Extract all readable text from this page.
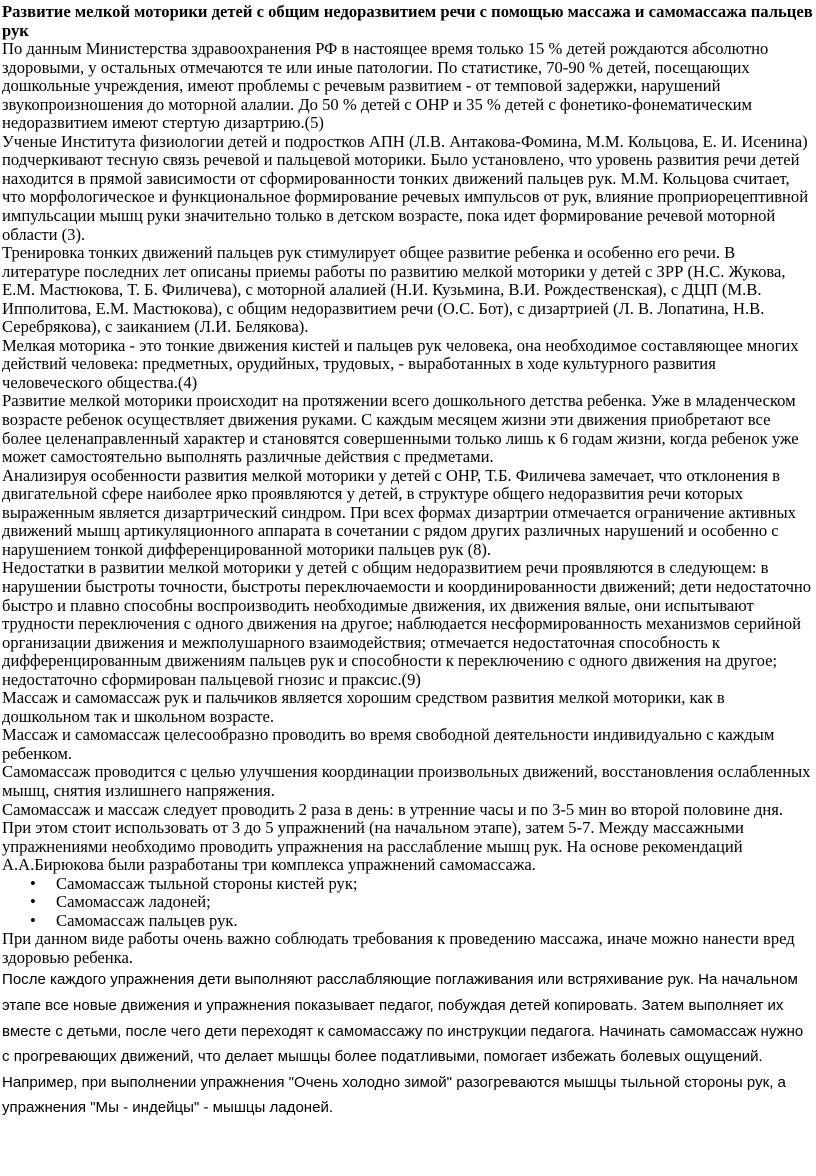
Развитие мелкой моторики детей с общим недоразвитием речи с помощью массажа и самомассажа пальцев рук

По данным Министерства здравоохранения РФ в настоящее время только 15 % детей рождаются абсолютно здоровыми, у остальных отмечаются те или иные патологии. По статистике, 70-90 % детей, посещающих дошкольные учреждения, имеют проблемы с речевым развитием - от темповой задержки, нарушений звукопроизношения до моторной алалии. До 50 % детей с ОНР и 35 % детей с фонетико-фонематическим недоразвитием имеют стертую дизартрию.(5)

Ученые Института физиологии детей и подростков АПН (Л.В. Антакова-Фомина, М.М. Кольцова, Е. И. Исенина) подчеркивают тесную связь речевой и пальцевой моторики. Было установлено, что уровень развития речи детей находится в прямой зависимости от сформированности тонких движений пальцев рук. М.М. Кольцова считает, что морфологическое и функциональное формирование речевых импульсов от рук, влияние проприорецептивной импульсации мышц руки значительно только в детском возрасте, пока идет формирование речевой моторной области (3).

Тренировка тонких движений пальцев рук стимулирует общее развитие ребенка и особенно его речи. В литературе последних лет описаны приемы работы по развитию мелкой моторики у детей с ЗРР (Н.С. Жукова, Е.М. Мастюкова, Т. Б. Филичева), с моторной алалией (Н.И. Кузьмина, В.И. Рождественская), с ДЦП (М.В. Ипполитова, Е.М. Мастюкова), с общим недоразвитием речи (О.С. Бот), с дизартрией (Л. В. Лопатина, Н.В. Серебрякова), с заиканием (Л.И. Белякова).

Мелкая моторика - это тонкие движения кистей и пальцев рук человека, она необходимое составляющее многих действий человека: предметных, орудийных, трудовых, - выработанных в ходе культурного развития человеческого общества.(4)

Развитие мелкой моторики происходит на протяжении всего дошкольного детства ребенка. Уже в младенческом возрасте ребенок осуществляет движения руками. С каждым месяцем жизни эти движения приобретают все более целенаправленный характер и становятся совершенными только лишь к 6 годам жизни, когда ребенок уже может самостоятельно выполнять различные действия с предметами.

Анализируя особенности развития мелкой моторики у детей с ОНР, Т.Б. Филичева замечает, что отклонения в двигательной сфере наиболее ярко проявляются у детей, в структуре общего недоразвития речи которых выраженным является дизартрический синдром. При всех формах дизартрии отмечается ограничение активных движений мышц артикуляционного аппарата в сочетании с рядом других различных нарушений и особенно с нарушением тонкой дифференцированной моторики пальцев рук (8).

Недостатки в развитии мелкой моторики у детей с общим недоразвитием речи проявляются в следующем: в нарушении быстроты точности, быстроты переключаемости и координированности движений; дети недостаточно быстро и плавно способны воспроизводить необходимые движения, их движения вялые, они испытывают трудности переключения с одного движения на другое; наблюдается несформированность механизмов серийной организации движения и межполушарного взаимодействия; отмечается недостаточная способность к дифференцированным движениям пальцев рук и способности к переключению с одного движения на другое; недостаточно сформирован пальцевой гнозис и праксис.(9)

Массаж и самомассаж рук и пальчиков является хорошим средством развития мелкой моторики, как в дошкольном так и школьном возрасте.

Массаж и самомассаж целесообразно проводить во время свободной деятельности индивидуально с каждым ребенком.

Самомассаж проводится с целью улучшения координации произвольных движений, восстановления ослабленных мышц, снятия излишнего напряжения.

Самомассаж и массаж следует проводить 2 раза в день: в утренние часы и по 3-5 мин во второй половине дня. При этом стоит использовать от 3 до 5 упражнений (на начальном этапе), затем 5-7. Между массажными упражнениями необходимо проводить упражнения на расслабление мышц рук. На основе рекомендаций А.А.Бирюкова были разработаны три комплекса упражнений самомассажа.

• Самомассаж тыльной стороны кистей рук;
• Самомассаж ладоней;
• Самомассаж пальцев рук.

При данном виде работы очень важно соблюдать требования к проведению массажа, иначе можно нанести вред здоровью ребенка.

После каждого упражнения дети выполняют расслабляющие поглаживания или встряхивание рук. На начальном этапе все новые движения и упражнения показывает педагог, побуждая детей копировать. Затем выполняет их вместе с детьми, после чего дети переходят к самомассажу по инструкции педагога. Начинать самомассаж нужно с прогревающих движений, что делает мышцы более податливыми, помогает избежать болевых ощущений. Например, при выполнении упражнения "Очень холодно зимой" разогреваются мышцы тыльной стороны рук, а упражнения "Мы - индейцы" - мышцы ладоней.
